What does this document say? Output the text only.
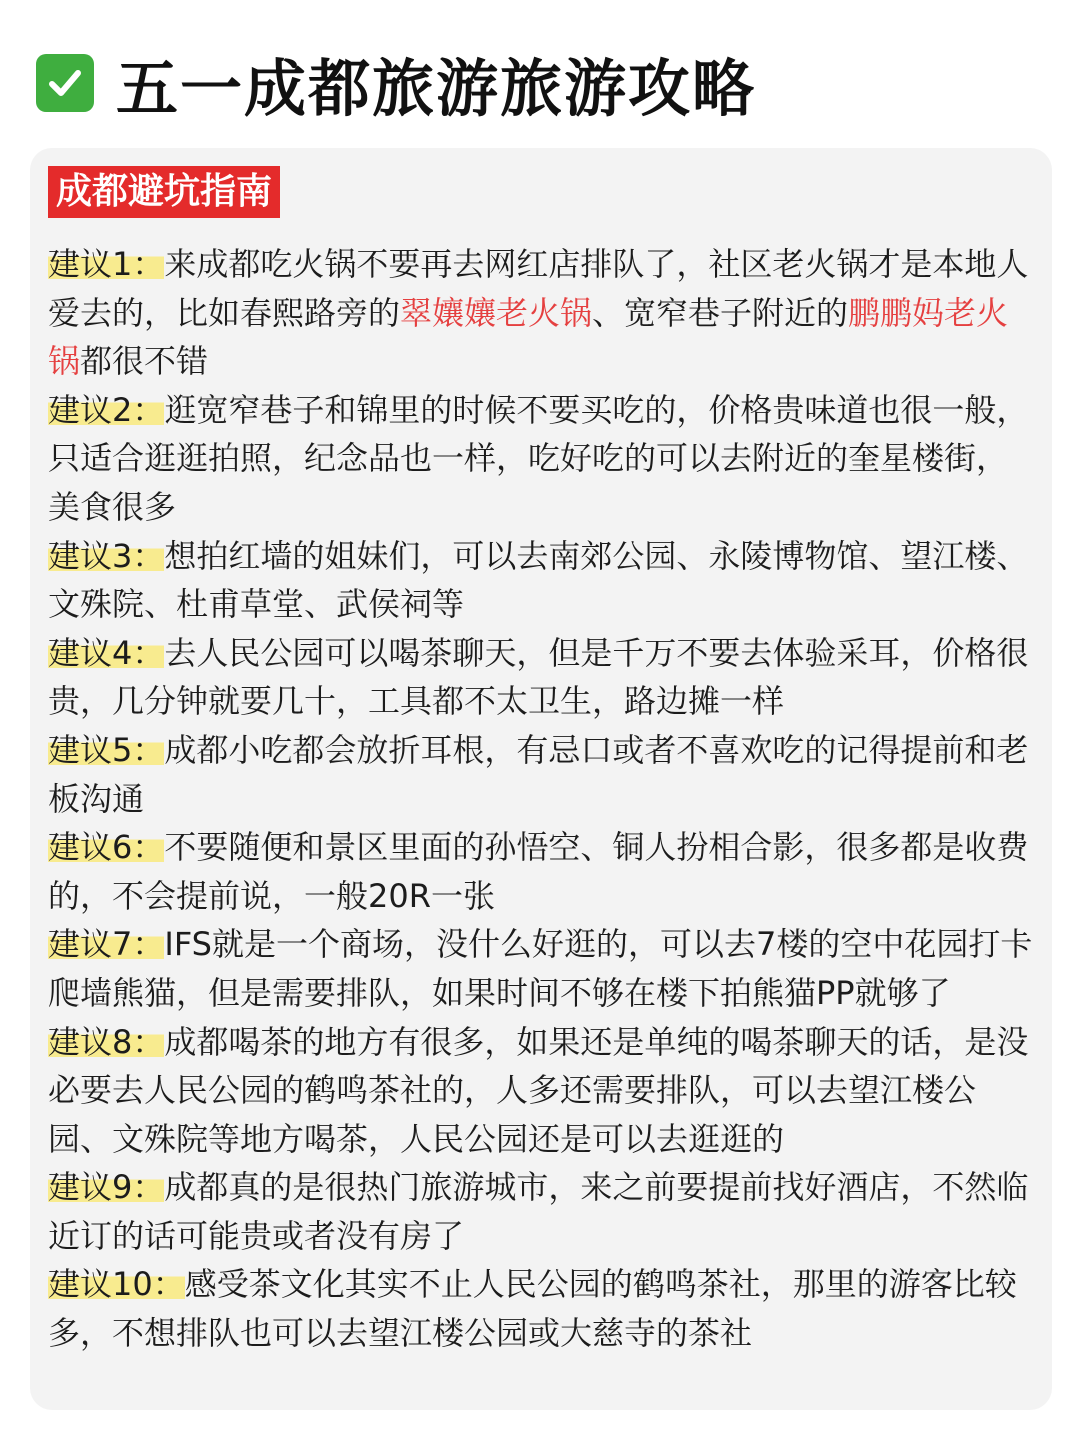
五一成都旅游旅游攻略
成都避坑指南

建议1：来成都吃火锅不要再去网红店排队了，社区老火锅才是本地人爱去的，比如春熙路旁的翠孃孃老火锅、宽窄巷子附近的鹏鹏妈老火锅都很不错

建议2：逛宽窄巷子和锦里的时候不要买吃的，价格贵味道也很一般，只适合逛逛拍照，纪念品也一样，吃好吃的可以去附近的奎星楼街，美食很多

建议3：想拍红墙的姐妹们，可以去南郊公园、永陵博物馆、望江楼、文殊院、杜甫草堂、武侯祠等

建议4：去人民公园可以喝茶聊天，但是千万不要去体验采耳，价格很贵，几分钟就要几十，工具都不太卫生，路边摊一样

建议5：成都小吃都会放折耳根，有忌口或者不喜欢吃的记得提前和老板沟通

建议6：不要随便和景区里面的孙悟空、铜人扮相合影，很多都是收费的，不会提前说，一般20R一张

建议7：IFS就是一个商场，没什么好逛的，可以去7楼的空中花园打卡爬墙熊猫，但是需要排队，如果时间不够在楼下拍熊猫PP就够了

建议8：成都喝茶的地方有很多，如果还是单纯的喝茶聊天的话，是没必要去人民公园的鹤鸣茶社的，人多还需要排队，可以去望江楼公园、文殊院等地方喝茶，人民公园还是可以去逛逛的

建议9：成都真的是很热门旅游城市，来之前要提前找好酒店，不然临近订的话可能贵或者没有房了

建议10：感受茶文化其实不止人民公园的鹤鸣茶社，那里的游客比较多，不想排队也可以去望江楼公园或大慈寺的茶社
